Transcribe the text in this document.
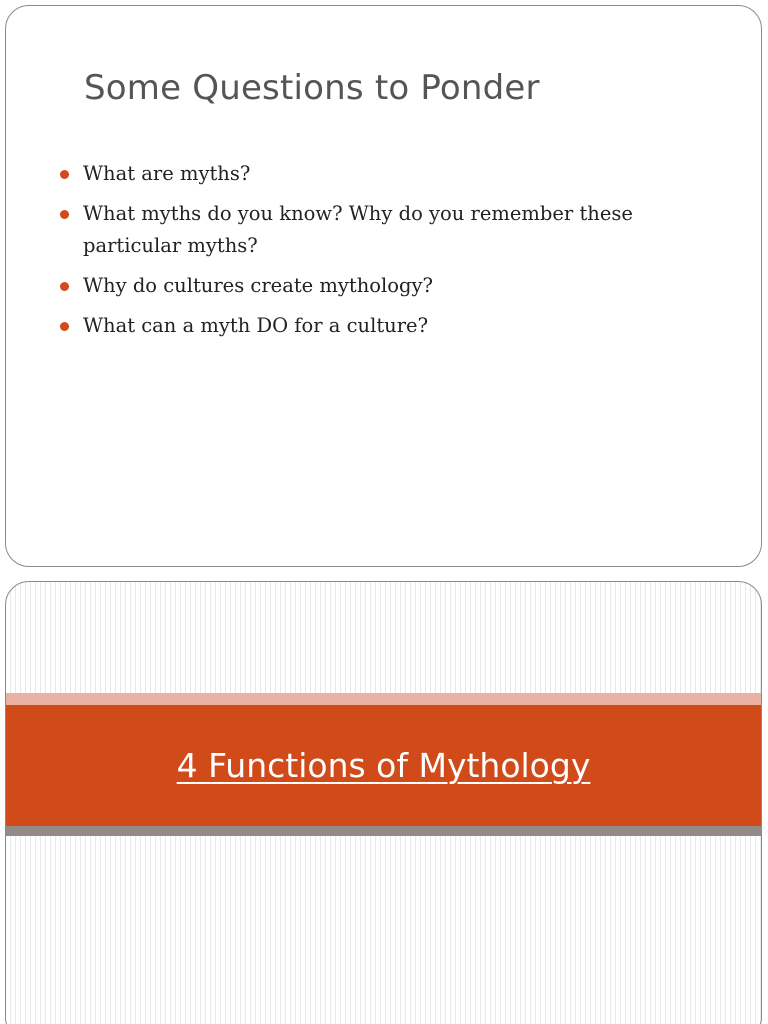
Some Questions to Ponder
What are myths?
What myths do you know? Why do you remember these particular myths?
Why do cultures create mythology?
What can a myth DO for a culture?
4 Functions of Mythology
